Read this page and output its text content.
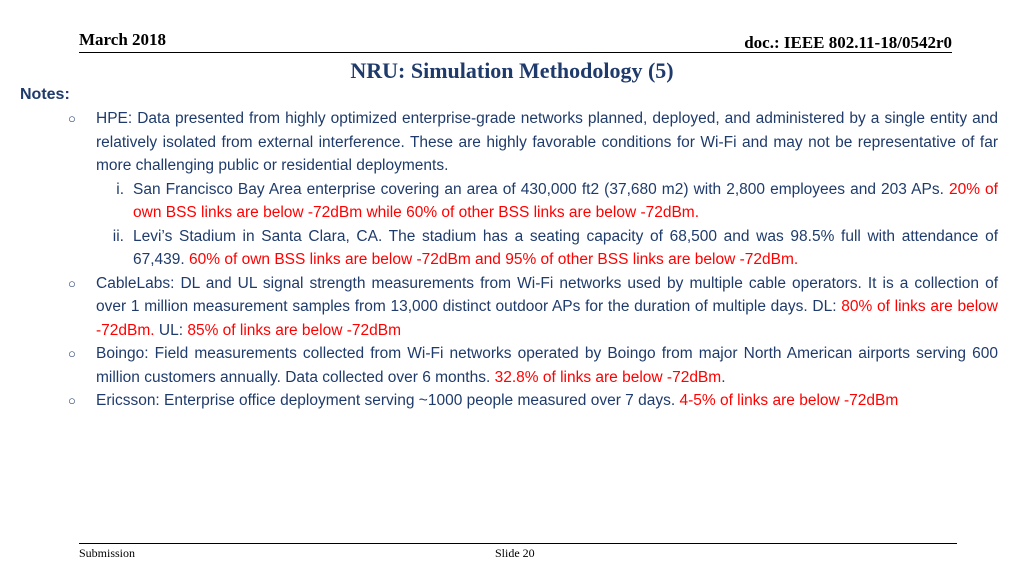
March 2018	doc.: IEEE 802.11-18/0542r0
NRU: Simulation Methodology (5)
Notes:
○	HPE: Data presented from highly optimized enterprise-grade networks planned, deployed, and administered by a single entity and relatively isolated from external interference. These are highly favorable conditions for Wi-Fi and may not be representative of far more challenging public or residential deployments.
i. San Francisco Bay Area enterprise covering an area of 430,000 ft2 (37,680 m2) with 2,800 employees and 203 APs. 20% of own BSS links are below -72dBm while 60% of other BSS links are below -72dBm.
ii. Levi’s Stadium in Santa Clara, CA. The stadium has a seating capacity of 68,500 and was 98.5% full with attendance of 67,439. 60% of own BSS links are below -72dBm and 95% of other BSS links are below -72dBm.
○	CableLabs: DL and UL signal strength measurements from Wi-Fi networks used by multiple cable operators. It is a collection of over 1 million measurement samples from 13,000 distinct outdoor APs for the duration of multiple days. DL: 80% of links are below -72dBm. UL: 85% of links are below -72dBm
○	Boingo: Field measurements collected from Wi-Fi networks operated by Boingo from major North American airports serving 600 million customers annually. Data collected over 6 months. 32.8% of links are below -72dBm.
○	Ericsson: Enterprise office deployment serving ~1000 people measured over 7 days. 4-5% of links are below -72dBm
Submission	Slide 20
